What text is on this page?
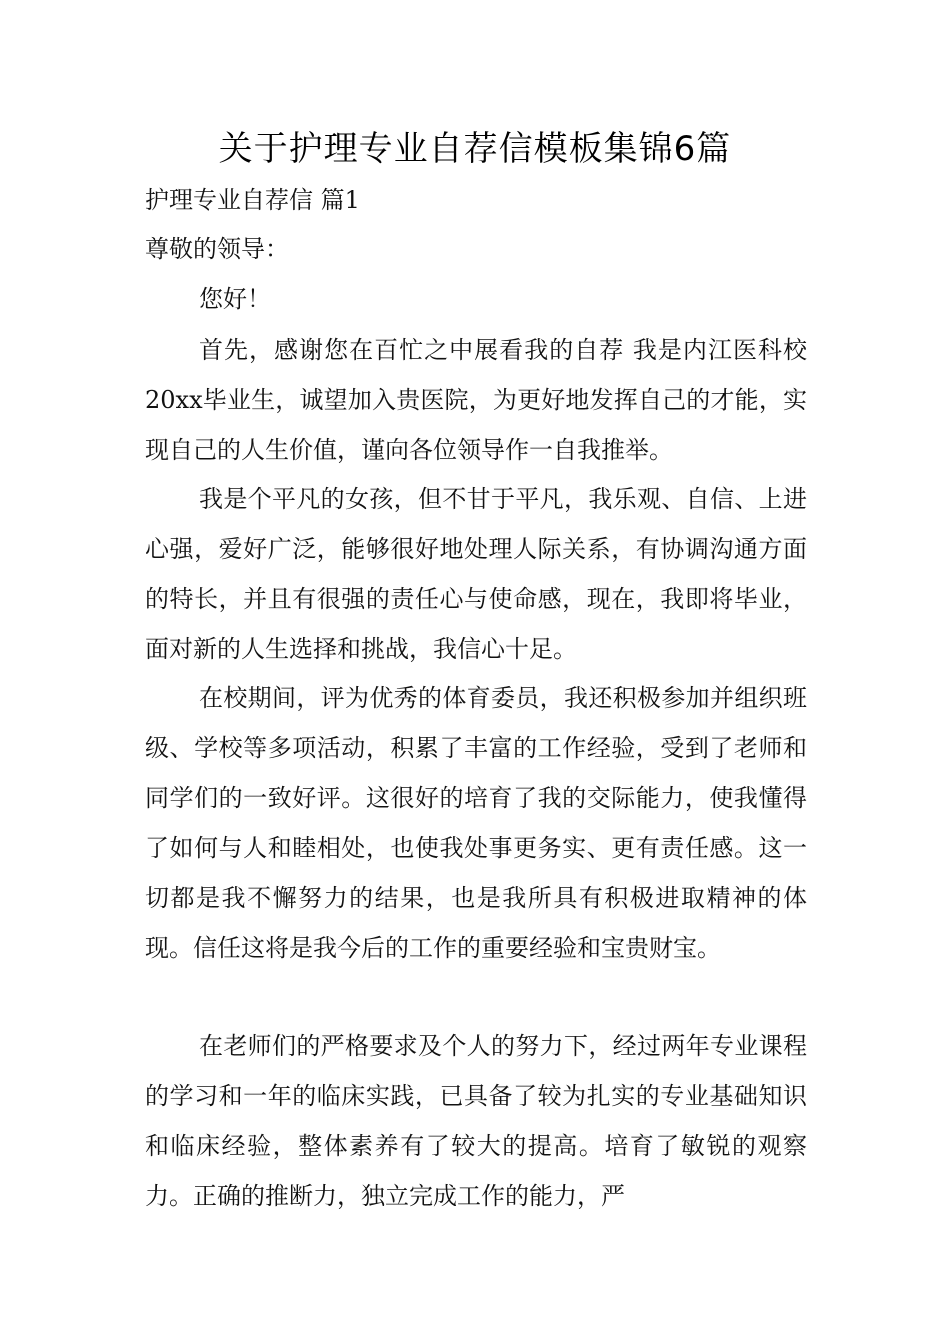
关于护理专业自荐信模板集锦6篇
护理专业自荐信 篇1
尊敬的领导：
您好！

首先，感谢您在百忙之中展看我的自荐 我是内江医科校20xx毕业生，诚望加入贵医院，为更好地发挥自己的才能，实现自己的人生价值，谨向各位领导作一自我推举。

我是个平凡的女孩，但不甘于平凡，我乐观、自信、上进心强，爱好广泛，能够很好地处理人际关系，有协调沟通方面的特长，并且有很强的责任心与使命感，现在，我即将毕业，面对新的人生选择和挑战，我信心十足。

在校期间，评为优秀的体育委员，我还积极参加并组织班级、学校等多项活动，积累了丰富的工作经验，受到了老师和同学们的一致好评。这很好的培育了我的交际能力，使我懂得了如何与人和睦相处，也使我处事更务实、更有责任感。这一切都是我不懈努力的结果，也是我所具有积极进取精神的体现。信任这将是我今后的工作的重要经验和宝贵财宝。

在老师们的严格要求及个人的努力下，经过两年专业课程的学习和一年的临床实践，已具备了较为扎实的专业基础知识和临床经验，整体素养有了较大的提高。培育了敏锐的观察力。正确的推断力，独立完成工作的能力，严
